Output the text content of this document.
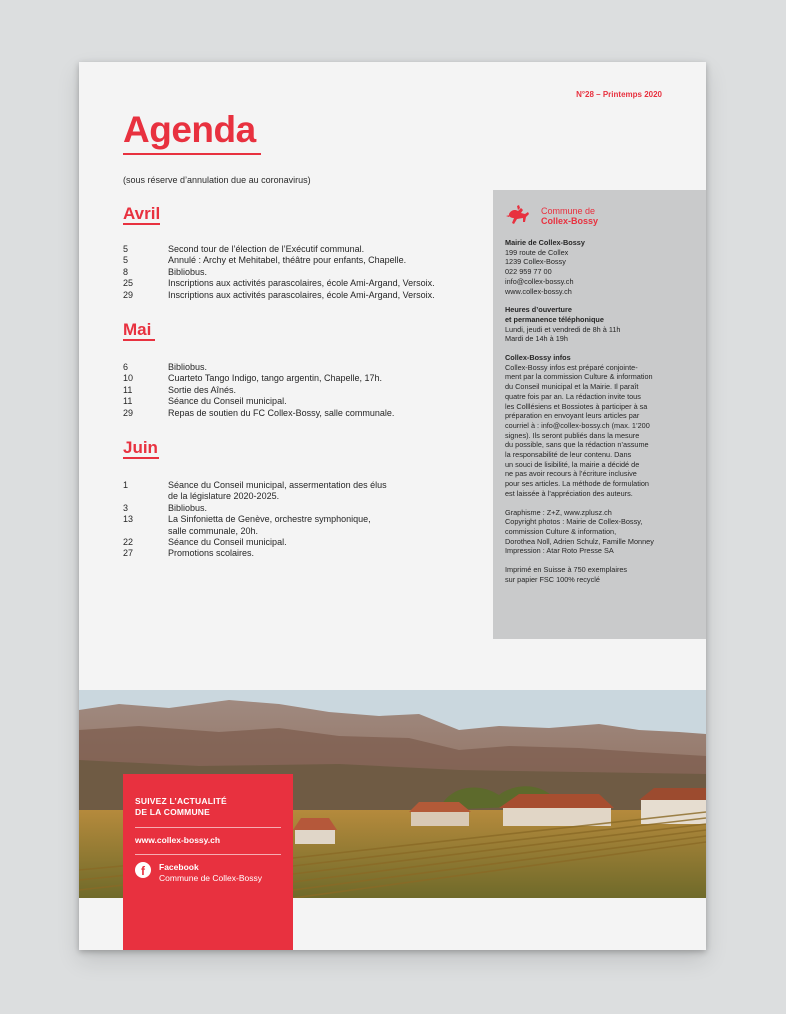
N°28 – Printemps 2020
Agenda
(sous réserve d’annulation due au coronavirus)
Avril
5	Second tour de l’élection de l’Exécutif communal.
5	Annulé : Archy et Mehitabel, théâtre pour enfants, Chapelle.
8	Bibliobus.
25	Inscriptions aux activités parascolaires, école Ami-Argand, Versoix.
29	Inscriptions aux activités parascolaires, école Ami-Argand, Versoix.
Mai
6	Bibliobus.
10	Cuarteto Tango Indigo, tango argentin, Chapelle, 17h.
11	Sortie des Aînés.
11	Séance du Conseil municipal.
29	Repas de soutien du FC Collex-Bossy, salle communale.
Juin
1	Séance du Conseil municipal, assermentation des élus
de la législature 2020-2025.
3	Bibliobus.
13	La Sinfonietta de Genève, orchestre symphonique,
salle communale, 20h.
22	Séance du Conseil municipal.
27	Promotions scolaires.
Commune de
Collex-Bossy
Mairie de Collex-Bossy
199 route de Collex
1239 Collex-Bossy
022 959 77 00
info@collex-bossy.ch
www.collex-bossy.ch
Heures d’ouverture
et permanence téléphonique
Lundi, jeudi et vendredi de 8h à 11h
Mardi de 14h à 19h
Collex-Bossy infos
Collex-Bossy infos est préparé conjointe-
ment par la commission Culture & information
du Conseil municipal et la Mairie. Il paraît
quatre fois par an. La rédaction invite tous
les Colllésiens et Bossiotes à participer à sa
préparation en envoyant leurs articles par
courriel à : info@collex-bossy.ch (max. 1’200
signes). Ils seront publiés dans la mesure
du possible, sans que la rédaction n’assume
la responsabilité de leur contenu. Dans
un souci de lisibilité, la mairie a décidé de
ne pas avoir recours à l’écriture inclusive
pour ses articles. La méthode de formulation
est laissée à l’appréciation des auteurs.
Graphisme : Z+Z, www.zplusz.ch
Copyright photos : Mairie de Collex-Bossy,
commission Culture & information,
Dorothea Noll, Adrien Schulz, Famille Monney
Impression : Atar Roto Presse SA
Imprimé en Suisse à 750 exemplaires
sur papier FSC 100% recyclé
SUIVEZ L’ACTUALITÉ
DE LA COMMUNE
www.collex-bossy.ch
f	Facebook
Commune de Collex-Bossy
